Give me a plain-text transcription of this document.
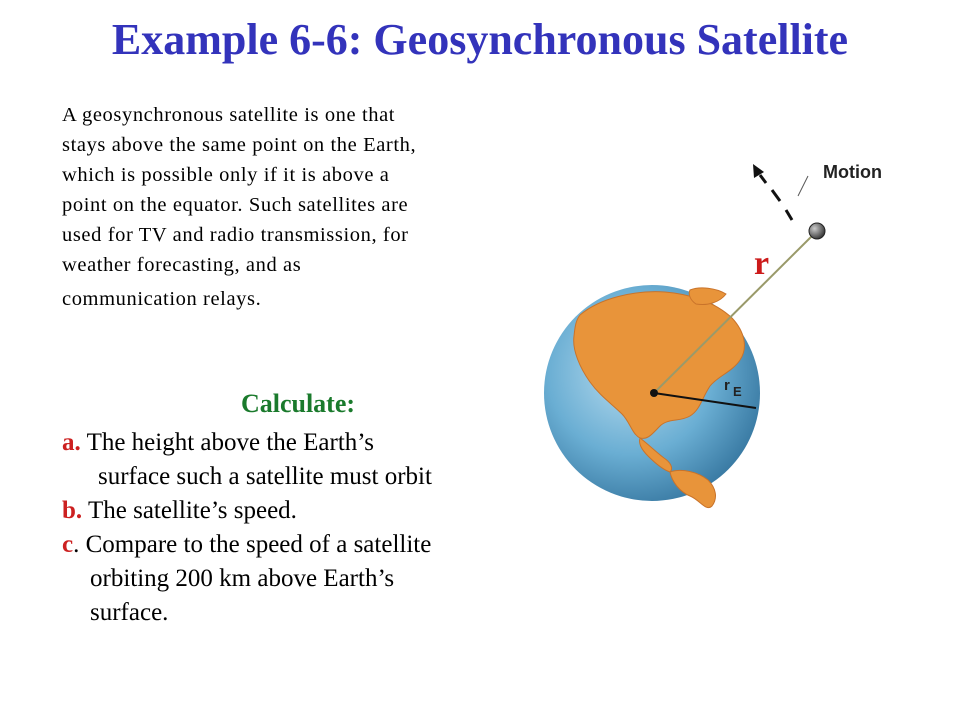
Example 6-6: Geosynchronous Satellite
A geosynchronous satellite is one that
stays above the same point on the Earth,
which is possible only if it is above a
point on the equator. Such satellites are
used for TV and radio transmission, for
weather forecasting, and as
communication relays.
Calculate:
a. The height above the Earth’s
surface such a satellite must orbit
b. The satellite’s speed.
c. Compare to the speed of a satellite
orbiting 200 km above Earth’s
surface.
Motion
r
r E
